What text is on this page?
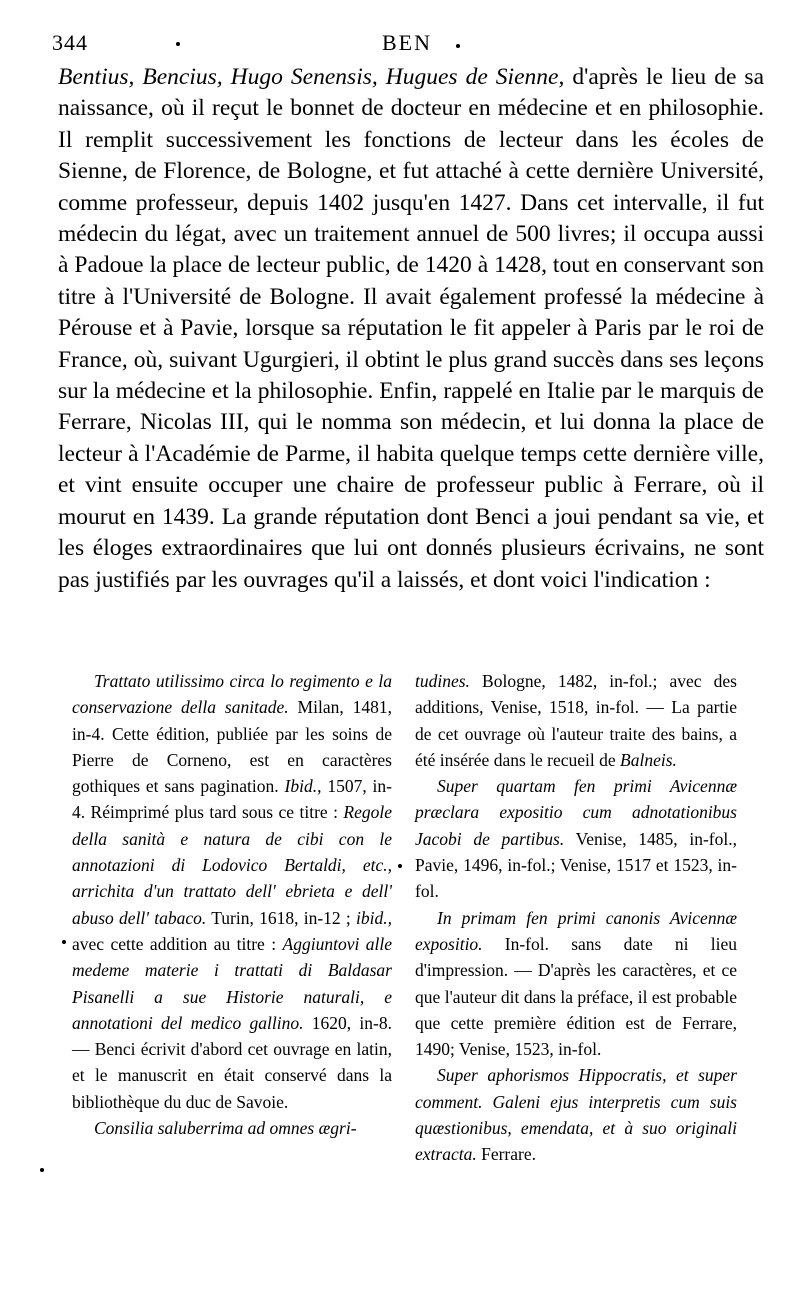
344	BEN

Bentius, Bencius, Hugo Senensis, Hugues de Sienne, d'après le lieu de sa naissance, où il reçut le bonnet de docteur en médecine et en philosophie. Il remplit successivement les fonctions de lecteur dans les écoles de Sienne, de Florence, de Bologne, et fut attaché à cette dernière Université, comme professeur, depuis 1402 jusqu'en 1427. Dans cet intervalle, il fut médecin du légat, avec un traitement annuel de 500 livres; il occupa aussi à Padoue la place de lecteur public, de 1420 à 1428, tout en conservant son titre à l'Université de Bologne. Il avait également professé la médecine à Pérouse et à Pavie, lorsque sa réputation le fit appeler à Paris par le roi de France, où, suivant Ugurgieri, il obtint le plus grand succès dans ses leçons sur la médecine et la philosophie. Enfin, rappelé en Italie par le marquis de Ferrare, Nicolas III, qui le nomma son médecin, et lui donna la place de lecteur à l'Académie de Parme, il habita quelque temps cette dernière ville, et vint ensuite occuper une chaire de professeur public à Ferrare, où il mourut en 1439. La grande réputation dont Benci a joui pendant sa vie, et les éloges extraordinaires que lui ont donnés plusieurs écrivains, ne sont pas justifiés par les ouvrages qu'il a laissés, et dont voici l'indication :

Trattato utilissimo circa lo regimento e la conservazione della sanitade. Milan, 1481, in-4. Cette édition, publiée par les soins de Pierre de Corneno, est en caractères gothiques et sans pagination. Ibid., 1507, in-4. Réimprimé plus tard sous ce titre : Regole della sanità e natura de cibi con le annotazioni di Lodovico Bertaldi, etc., arrichita d'un trattato dell' ebrieta e dell' abuso dell' tabaco. Turin, 1618, in-12 ; ibid., avec cette addition au titre : Aggiuntovi alle medeme materie i trattati di Baldasar Pisanelli a sue Historie naturali, e annotationi del medico gallino. 1620, in-8. — Benci écrivit d'abord cet ouvrage en latin, et le manuscrit en était conservé dans la bibliothèque du duc de Savoie.

Consilia saluberrima ad omnes ægri-

tudines. Bologne, 1482, in-fol.; avec des additions, Venise, 1518, in-fol. — La partie de cet ouvrage où l'auteur traite des bains, a été insérée dans le recueil de Balneis.

Super quartam fen primi Avicennæ præclara expositio cum adnotationibus Jacobi de partibus. Venise, 1485, in-fol., Pavie, 1496, in-fol.; Venise, 1517 et 1523, in-fol.

In primam fen primi canonis Avicennæ expositio. In-fol. sans date ni lieu d'impression. — D'après les caractères, et ce que l'auteur dit dans la préface, il est probable que cette première édition est de Ferrare, 1490; Venise, 1523, in-fol.

Super aphorismos Hippocratis, et super comment. Galeni ejus interpretis cum suis quæstionibus, emendata, et à suo originali extracta. Ferrare.
